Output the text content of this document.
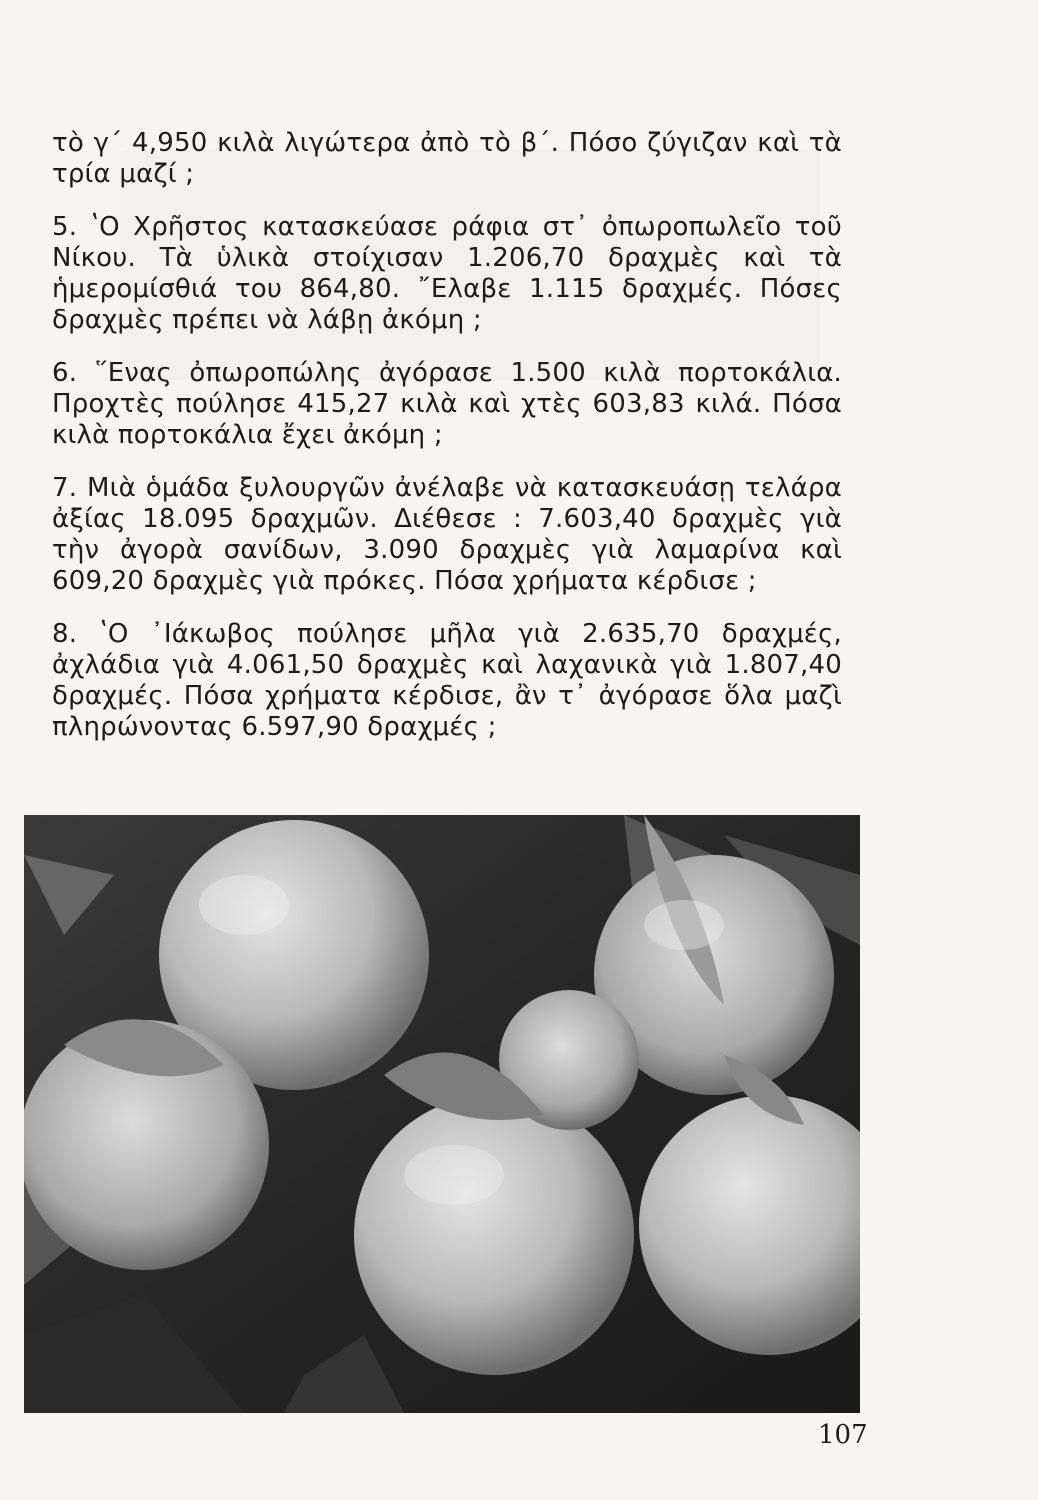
τὸ γ΄ 4,950 κιλὰ λιγώτερα ἀπὸ τὸ β΄. Πόσο ζύγιζαν καὶ τὰ τρία μαζί ;

5. ʽΟ Χρῆστος κατασκεύασε ράφια στ᾽ ὀπωροπωλεῖο τοῦ Νίκου. Τὰ ὑλικὰ στοίχισαν 1.206,70 δραχμὲς καὶ τὰ ἡμερομίσθιά του 864,80. ῎Ελαβε 1.115 δραχμές. Πόσες δραχμὲς πρέπει νὰ λάβῃ ἀκόμη ;

6. ῞Ενας ὀπωροπώλης ἀγόρασε 1.500 κιλὰ πορτοκάλια. Προχτὲς πούλησε 415,27 κιλὰ καὶ χτὲς 603,83 κιλά. Πόσα κιλὰ πορτοκάλια ἔχει ἀκόμη ;

7. Μιὰ ὁμάδα ξυλουργῶν ἀνέλαβε νὰ κατασκευάσῃ τελάρα ἀξίας 18.095 δραχμῶν. Διέθεσε : 7.603,40 δραχμὲς γιὰ τὴν ἀγορὰ σανίδων, 3.090 δραχμὲς γιὰ λαμαρίνα καὶ 609,20 δραχμὲς γιὰ πρόκες. Πόσα χρήματα κέρδισε ;

8. ʽΟ ᾿Ιάκωβος πούλησε μῆλα γιὰ 2.635,70 δραχμές, ἀχλάδια γιὰ 4.061,50 δραχμὲς καὶ λαχανικὰ γιὰ 1.807,40 δραχμές. Πόσα χρήματα κέρδισε, ἂν τ᾽ ἀγόρασε ὅλα μαζὶ πληρώνοντας 6.597,90 δραχμές ;

107
